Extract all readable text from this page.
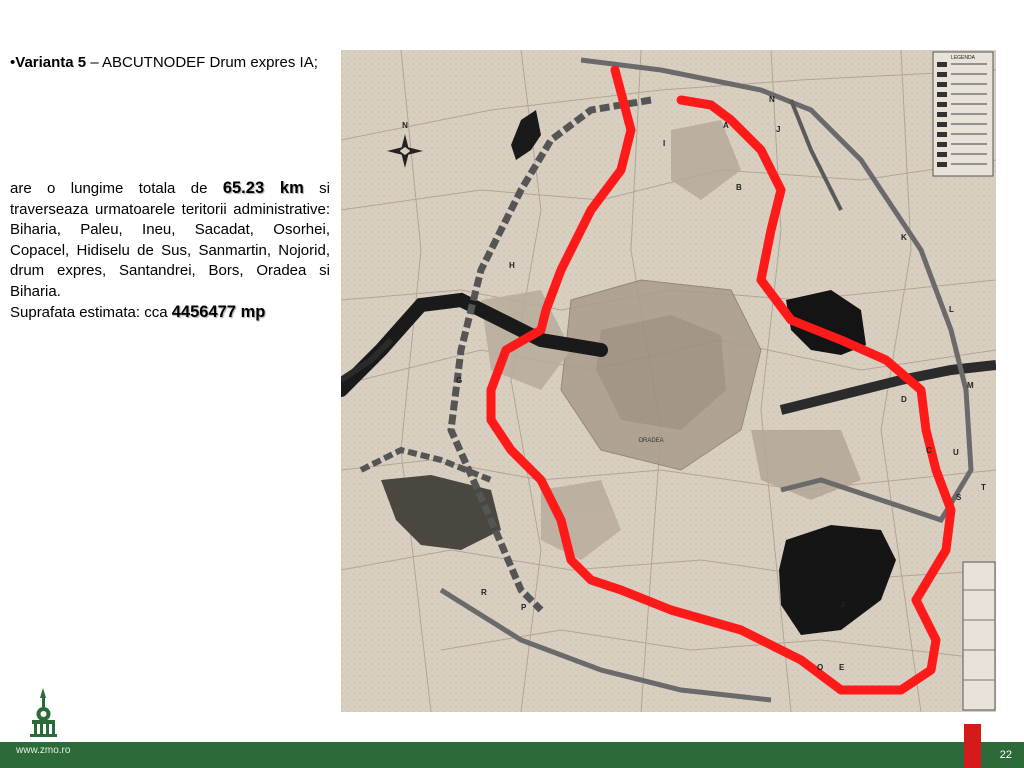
•Varianta 5 – ABCUTNODEF Drum expres IA;
are o lungime totala de 65.23 km si traverseaza urmatoarele teritorii administrative: Biharia, Paleu, Ineu, Sacadat, Osorhei, Copacel, Hidiselu de Sus, Sanmartin, Nojorid, drum expres, Santandrei, Bors, Oradea si Biharia.
Suprafata estimata: cca 4456477 mp
LEGENDA
N
ORADEA
A
B
C
D
E
F
G
H
I
J
K
L
M
N
O
P
R
S
T
U
www.zmo.ro	22
